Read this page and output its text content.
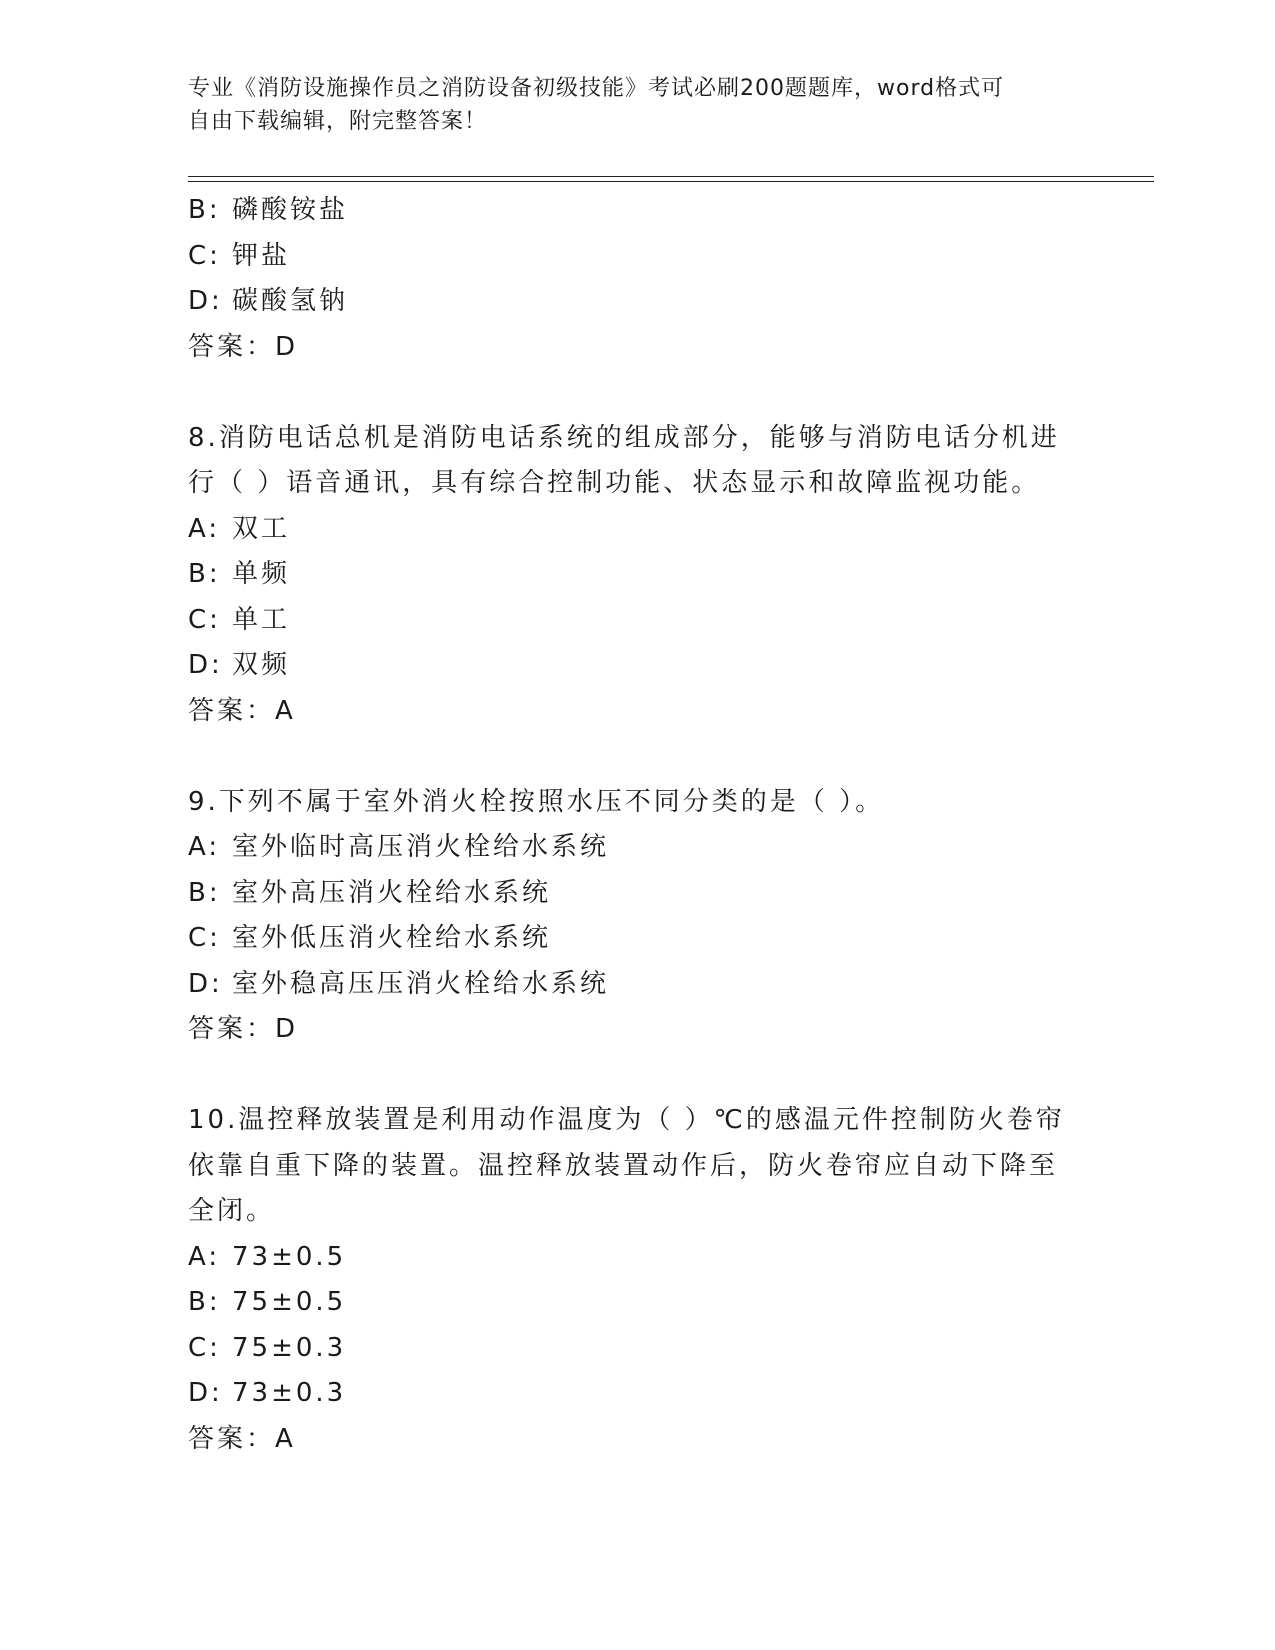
专业《消防设施操作员之消防设备初级技能》考试必刷200题题库，word格式可
自由下载编辑，附完整答案！
B: 磷酸铵盐
C: 钾盐
D: 碳酸氢钠
答案：D
8.消防电话总机是消防电话系统的组成部分，能够与消防电话分机进
行（ ）语音通讯，具有综合控制功能、状态显示和故障监视功能。
A: 双工
B: 单频
C: 单工
D: 双频
答案：A
9.下列不属于室外消火栓按照水压不同分类的是（ ）。
A: 室外临时高压消火栓给水系统
B: 室外高压消火栓给水系统
C: 室外低压消火栓给水系统
D: 室外稳高压压消火栓给水系统
答案：D
10.温控释放装置是利用动作温度为（ ）℃的感温元件控制防火卷帘
依靠自重下降的装置。温控释放装置动作后，防火卷帘应自动下降至
全闭。
A: 73±0.5
B: 75±0.5
C: 75±0.3
D: 73±0.3
答案：A
